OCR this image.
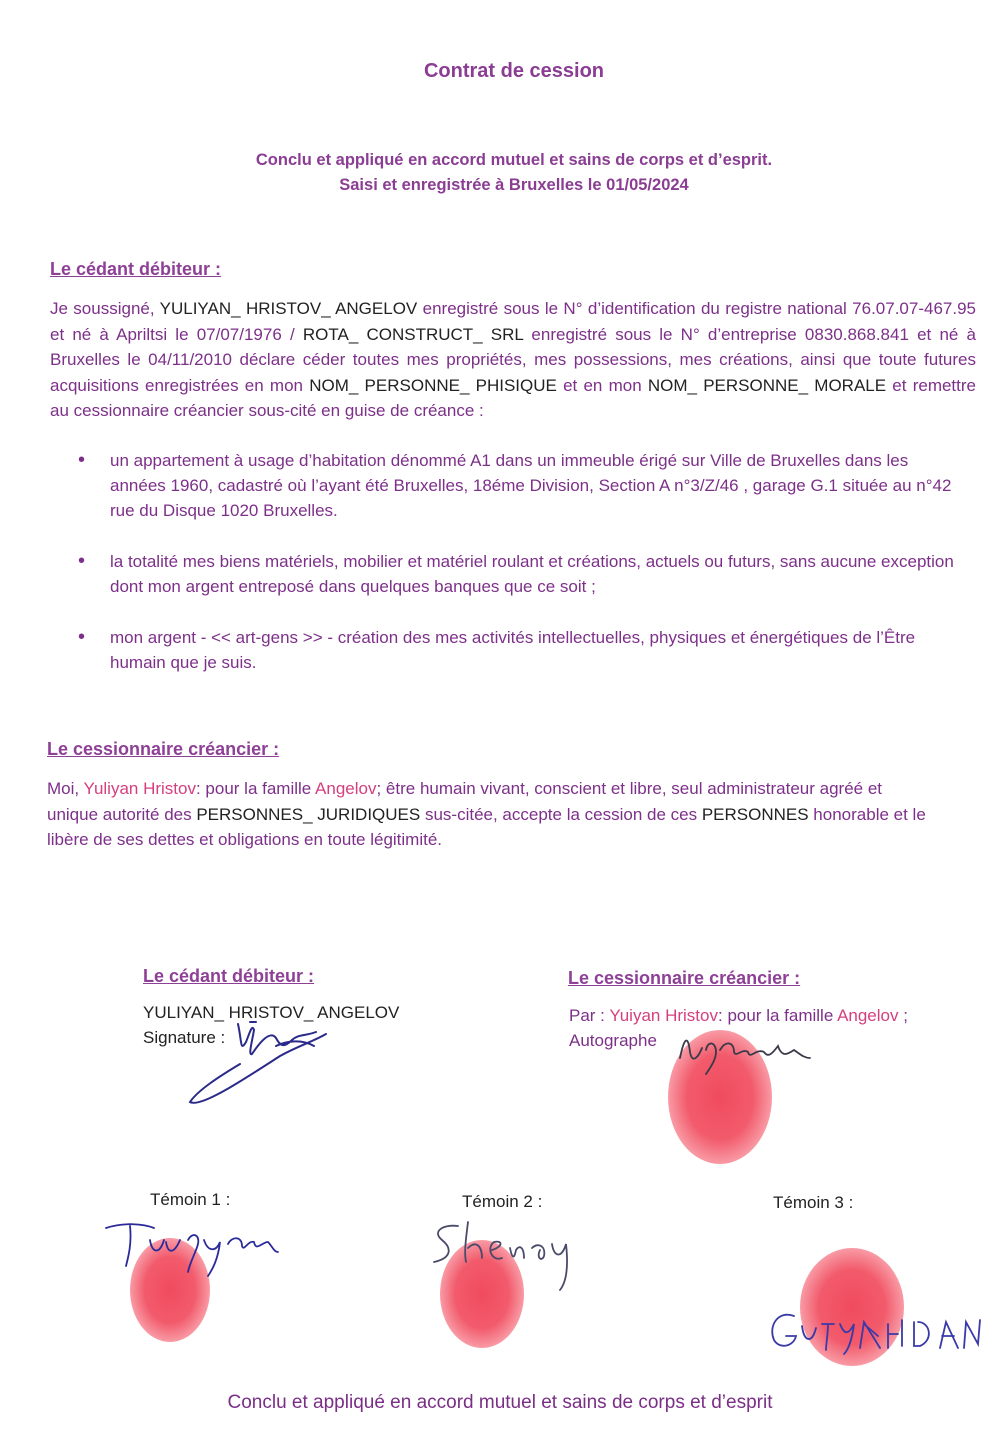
Contrat de cession
Conclu et appliqué en accord mutuel et sains de corps et d’esprit.
Saisi et enregistrée à Bruxelles le 01/05/2024
Le cédant débiteur :
Je soussigné, YULIYAN_ HRISTOV_ ANGELOV enregistré sous le N° d’identification du registre national 76.07.07-467.95 et né à Apriltsi le 07/07/1976 / ROTA_ CONSTRUCT_ SRL enregistré sous le N° d’entreprise 0830.868.841 et né à Bruxelles le 04/11/2010 déclare céder toutes mes propriétés, mes possessions, mes créations, ainsi que toute futures acquisitions enregistrées en mon NOM_ PERSONNE_ PHISIQUE et en mon NOM_ PERSONNE_ MORALE et remettre au cessionnaire créancier sous-cité en guise de créance :
• un appartement à usage d’habitation dénommé A1 dans un immeuble érigé sur Ville de Bruxelles dans les années 1960, cadastré où l’ayant été Bruxelles, 18éme Division, Section A n°3/Z/46 , garage G.1 située au n°42 rue du Disque 1020 Bruxelles.
• la totalité mes biens matériels, mobilier et matériel roulant et créations, actuels ou futurs, sans aucune exception dont mon argent entreposé dans quelques banques que ce soit ;
• mon argent - << art-gens >> - création des mes activités intellectuelles, physiques et énergétiques de l’Être humain que je suis.
Le cessionnaire créancier :
Moi, Yuliyan Hristov: pour la famille Angelov; être humain vivant, conscient et libre, seul administrateur agréé et unique autorité des PERSONNES_ JURIDIQUES sus-citée, accepte la cession de ces PERSONNES honorable et le libère de ses dettes et obligations en toute légitimité.
Le cédant débiteur :
YULIYAN_ HRISTOV_ ANGELOV
Signature :
Le cessionnaire créancier :
Par : Yuiyan Hristov: pour la famille Angelov ;
Autographe
Témoin 1 :	Témoin 2 :	Témoin 3 :
Conclu et appliqué en accord mutuel et sains de corps et d’esprit
